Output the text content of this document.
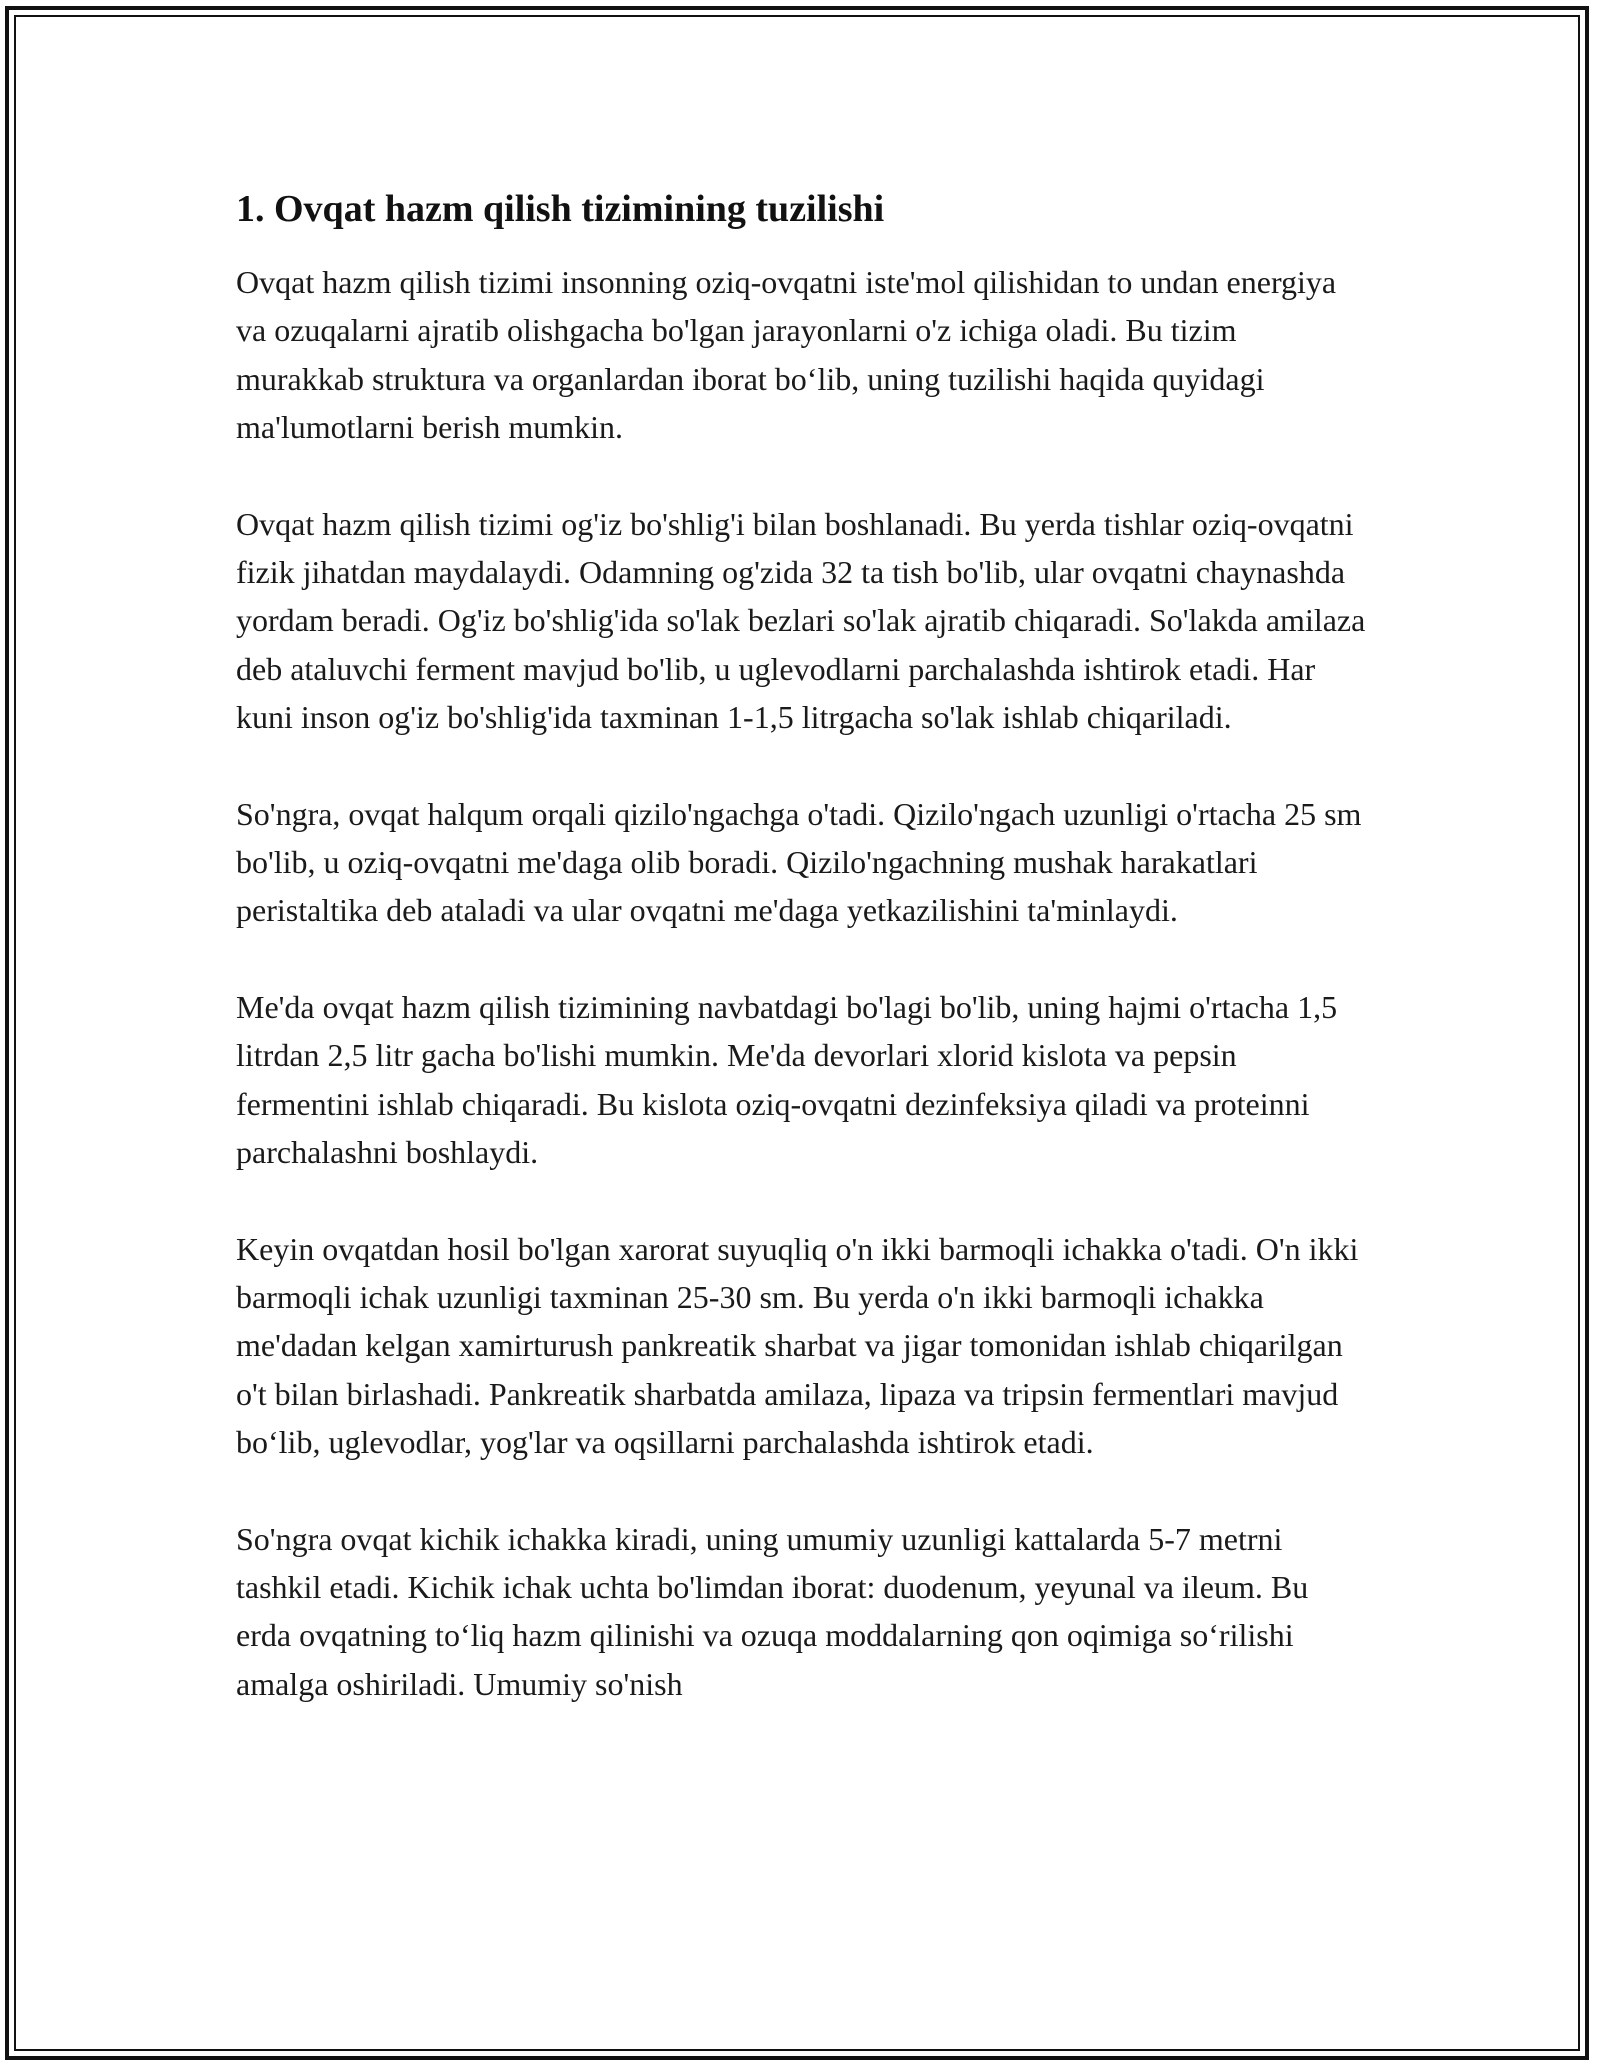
1. Ovqat hazm qilish tizimining tuzilishi

Ovqat hazm qilish tizimi insonning oziq-ovqatni iste'mol qilishidan to undan energiya va ozuqalarni ajratib olishgacha bo'lgan jarayonlarni o'z ichiga oladi. Bu tizim murakkab struktura va organlardan iborat bo‘lib, uning tuzilishi haqida quyidagi ma'lumotlarni berish mumkin.

Ovqat hazm qilish tizimi og'iz bo'shlig'i bilan boshlanadi. Bu yerda tishlar oziq-ovqatni fizik jihatdan maydalaydi. Odamning og'zida 32 ta tish bo'lib, ular ovqatni chaynashda yordam beradi. Og'iz bo'shlig'ida so'lak bezlari so'lak ajratib chiqaradi. So'lakda amilaza deb ataluvchi ferment mavjud bo'lib, u uglevodlarni parchalashda ishtirok etadi. Har kuni inson og'iz bo'shlig'ida taxminan 1-1,5 litrgacha so'lak ishlab chiqariladi.

So'ngra, ovqat halqum orqali qizilo'ngachga o'tadi. Qizilo'ngach uzunligi o'rtacha 25 sm bo'lib, u oziq-ovqatni me'daga olib boradi. Qizilo'ngachning mushak harakatlari peristaltika deb ataladi va ular ovqatni me'daga yetkazilishini ta'minlaydi.

Me'da ovqat hazm qilish tizimining navbatdagi bo'lagi bo'lib, uning hajmi o'rtacha 1,5 litrdan 2,5 litr gacha bo'lishi mumkin. Me'da devorlari xlorid kislota va pepsin fermentini ishlab chiqaradi. Bu kislota oziq-ovqatni dezinfeksiya qiladi va proteinni parchalashni boshlaydi.

Keyin ovqatdan hosil bo'lgan xarorat suyuqliq o'n ikki barmoqli ichakka o'tadi. O'n ikki barmoqli ichak uzunligi taxminan 25-30 sm. Bu yerda o'n ikki barmoqli ichakka me'dadan kelgan xamirturush pankreatik sharbat va jigar tomonidan ishlab chiqarilgan o't bilan birlashadi. Pankreatik sharbatda amilaza, lipaza va tripsin fermentlari mavjud bo‘lib, uglevodlar, yog'lar va oqsillarni parchalashda ishtirok etadi.

So'ngra ovqat kichik ichakka kiradi, uning umumiy uzunligi kattalarda 5-7 metrni tashkil etadi. Kichik ichak uchta bo'limdan iborat: duodenum, yeyunal va ileum. Bu erda ovqatning to‘liq hazm qilinishi va ozuqa moddalarning qon oqimiga so‘rilishi amalga oshiriladi. Umumiy so'nish
